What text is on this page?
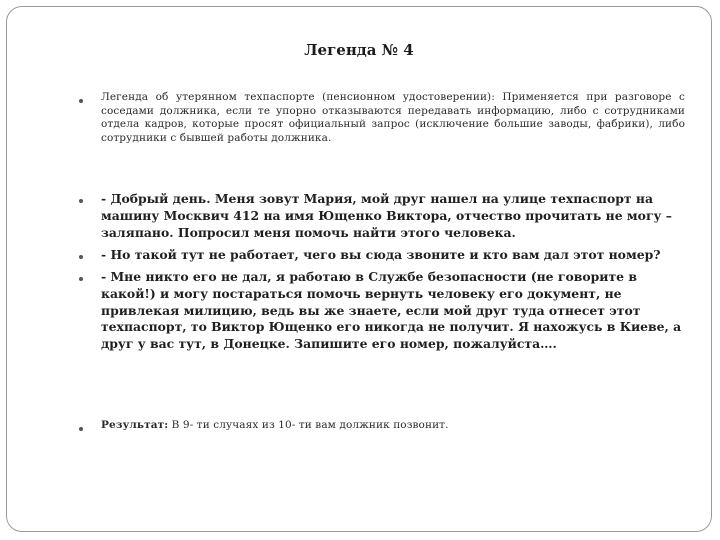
Легенда № 4
Легенда об утерянном техпаспорте (пенсионном удостоверении): Применяется при разговоре с соседами должника, если те упорно отказываются передавать информацию, либо с сотрудниками отдела кадров, которые просят официальный запрос (исключение большие заводы, фабрики), либо сотрудники с бывшей работы должника.
- Добрый день. Меня зовут Мария, мой друг нашел на улице техпаспорт на машину Москвич 412 на имя Ющенко Виктора, отчество прочитать не могу – заляпано. Попросил меня помочь найти этого человека.
- Но такой тут не работает, чего вы сюда звоните и кто вам дал этот номер?
- Мне никто его не дал, я работаю в Службе безопасности (не говорите в какой!) и могу постараться помочь вернуть человеку его документ, не привлекая милицию, ведь вы же знаете, если мой друг туда отнесет этот техпаспорт, то Виктор Ющенко его никогда не получит. Я нахожусь в Киеве, а друг у вас тут, в Донецке. Запишите его номер, пожалуйста….
Результат: В 9- ти случаях из 10- ти вам должник позвонит.
